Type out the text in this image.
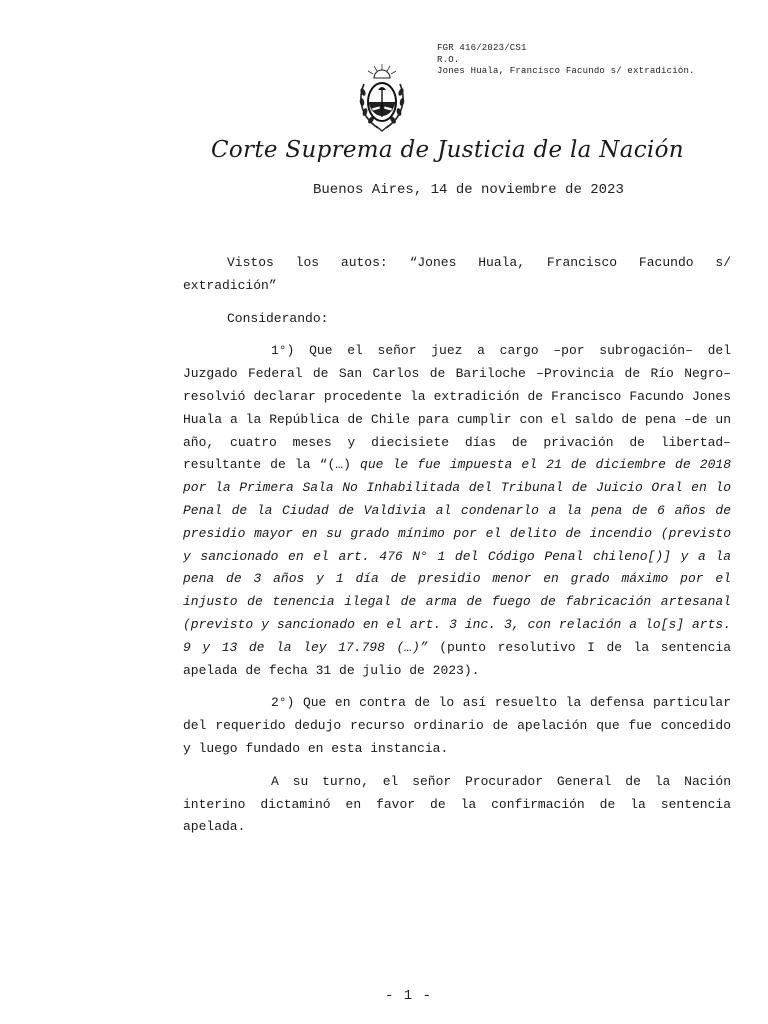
FGR 416/2023/CS1
R.O.
Jones Huala, Francisco Facundo s/ extradición.
Corte Suprema de Justicia de la Nación
Buenos Aires, 14 de noviembre de 2023

Vistos los autos: “Jones Huala, Francisco Facundo s/ extradición”

Considerando:

1°) Que el señor juez a cargo –por subrogación– del Juzgado Federal de San Carlos de Bariloche –Provincia de Río Negro– resolvió declarar procedente la extradición de Francisco Facundo Jones Huala a la República de Chile para cumplir con el saldo de pena –de un año, cuatro meses y diecisiete días de privación de libertad– resultante de la “(…) que le fue impuesta el 21 de diciembre de 2018 por la Primera Sala No Inhabilitada del Tribunal de Juicio Oral en lo Penal de la Ciudad de Valdivia al condenarlo a la pena de 6 años de presidio mayor en su grado mínimo por el delito de incendio (previsto y sancionado en el art. 476 N° 1 del Código Penal chileno[)] y a la pena de 3 años y 1 día de presidio menor en grado máximo por el injusto de tenencia ilegal de arma de fuego de fabricación artesanal (previsto y sancionado en el art. 3 inc. 3, con relación a lo[s] arts. 9 y 13 de la ley 17.798 (…)” (punto resolutivo I de la sentencia apelada de fecha 31 de julio de 2023).

2°) Que en contra de lo así resuelto la defensa particular del requerido dedujo recurso ordinario de apelación que fue concedido y luego fundado en esta instancia.

A su turno, el señor Procurador General de la Nación interino dictaminó en favor de la confirmación de la sentencia apelada.

- 1 -
